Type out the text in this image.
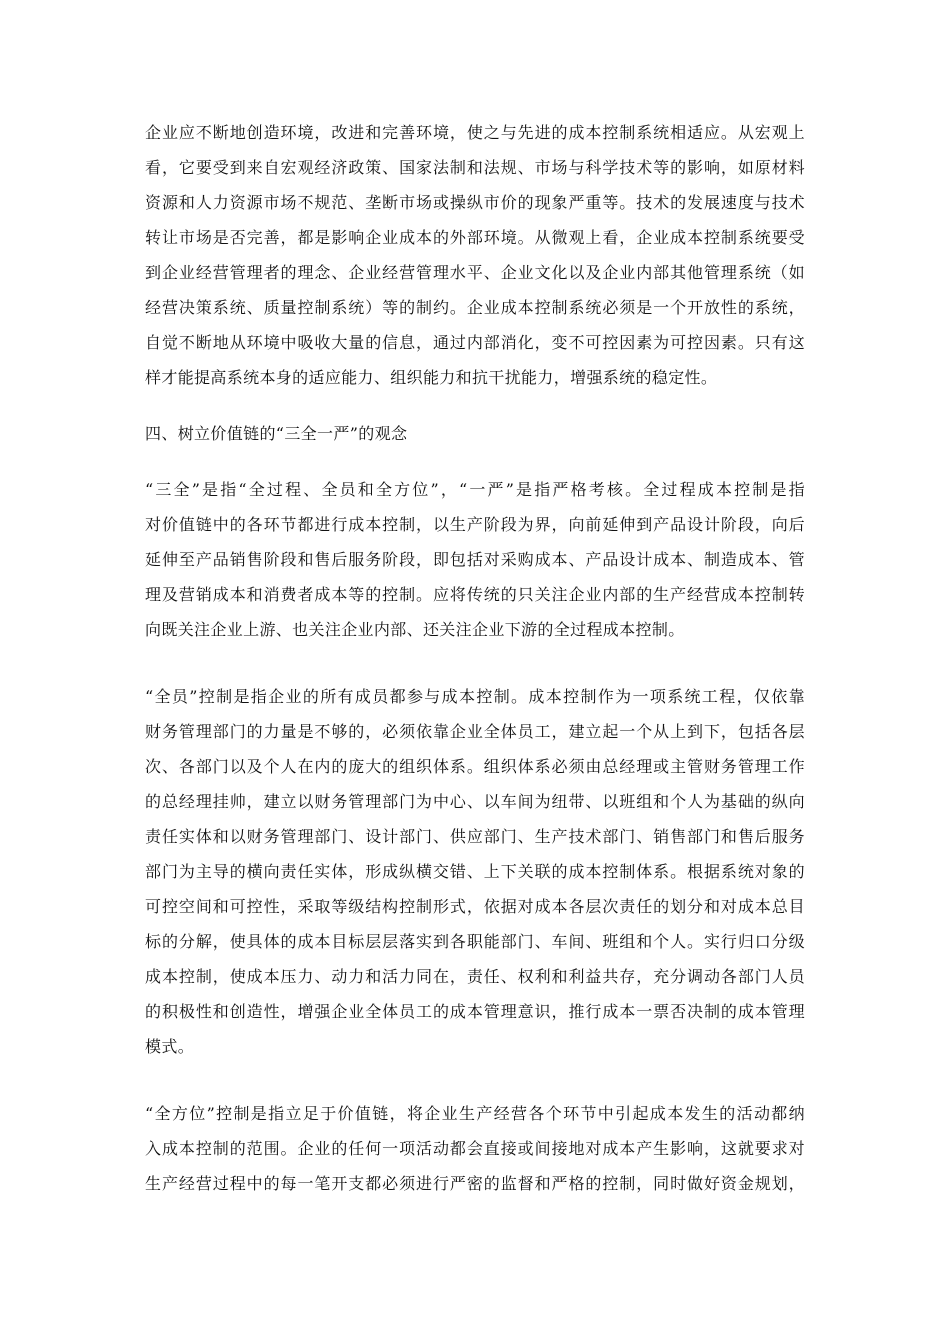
企业应不断地创造环境，改进和完善环境，使之与先进的成本控制系统相适应。从宏观上
看，它要受到来自宏观经济政策、国家法制和法规、市场与科学技术等的影响，如原材料
资源和人力资源市场不规范、垄断市场或操纵市价的现象严重等。技术的发展速度与技术
转让市场是否完善，都是影响企业成本的外部环境。从微观上看，企业成本控制系统要受
到企业经营管理者的理念、企业经营管理水平、企业文化以及企业内部其他管理系统（如
经营决策系统、质量控制系统）等的制约。企业成本控制系统必须是一个开放性的系统，
自觉不断地从环境中吸收大量的信息，通过内部消化，变不可控因素为可控因素。只有这
样才能提高系统本身的适应能力、组织能力和抗干扰能力，增强系统的稳定性。
四、树立价值链的“三全一严”的观念
“三全”是指“全过程、全员和全方位”，“一严”是指严格考核。全过程成本控制是指
对价值链中的各环节都进行成本控制，以生产阶段为界，向前延伸到产品设计阶段，向后
延伸至产品销售阶段和售后服务阶段，即包括对采购成本、产品设计成本、制造成本、管
理及营销成本和消费者成本等的控制。应将传统的只关注企业内部的生产经营成本控制转
向既关注企业上游、也关注企业内部、还关注企业下游的全过程成本控制。
“全员”控制是指企业的所有成员都参与成本控制。成本控制作为一项系统工程，仅依靠
财务管理部门的力量是不够的，必须依靠企业全体员工，建立起一个从上到下，包括各层
次、各部门以及个人在内的庞大的组织体系。组织体系必须由总经理或主管财务管理工作
的总经理挂帅，建立以财务管理部门为中心、以车间为纽带、以班组和个人为基础的纵向
责任实体和以财务管理部门、设计部门、供应部门、生产技术部门、销售部门和售后服务
部门为主导的横向责任实体，形成纵横交错、上下关联的成本控制体系。根据系统对象的
可控空间和可控性，采取等级结构控制形式，依据对成本各层次责任的划分和对成本总目
标的分解，使具体的成本目标层层落实到各职能部门、车间、班组和个人。实行归口分级
成本控制，使成本压力、动力和活力同在，责任、权利和利益共存，充分调动各部门人员
的积极性和创造性，增强企业全体员工的成本管理意识，推行成本一票否决制的成本管理
模式。
“全方位”控制是指立足于价值链，将企业生产经营各个环节中引起成本发生的活动都纳
入成本控制的范围。企业的任何一项活动都会直接或间接地对成本产生影响，这就要求对
生产经营过程中的每一笔开支都必须进行严密的监督和严格的控制，同时做好资金规划，
